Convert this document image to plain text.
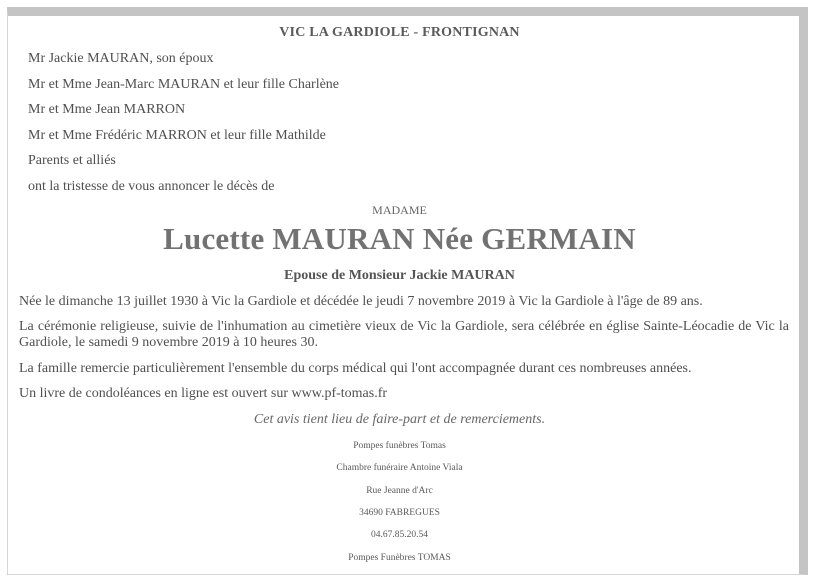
VIC LA GARDIOLE - FRONTIGNAN
Mr Jackie MAURAN, son époux
Mr et Mme Jean-Marc MAURAN et leur fille Charlène
Mr et Mme Jean MARRON
Mr et Mme Frédéric MARRON et leur fille Mathilde
Parents et alliés
ont la tristesse de vous annoncer le décès de
MADAME
Lucette MAURAN Née GERMAIN
Epouse de Monsieur Jackie MAURAN
Née le dimanche 13 juillet 1930 à Vic la Gardiole et décédée le jeudi 7 novembre 2019 à Vic la Gardiole à l'âge de 89 ans.
La cérémonie religieuse, suivie de l'inhumation au cimetière vieux de Vic la Gardiole, sera célébrée en église Sainte-Léocadie de Vic la Gardiole, le samedi 9 novembre 2019 à 10 heures 30.
La famille remercie particulièrement l'ensemble du corps médical qui l'ont accompagnée durant ces nombreuses années.
Un livre de condoléances en ligne est ouvert sur www.pf-tomas.fr
Cet avis tient lieu de faire-part et de remerciements.
Pompes funèbres Tomas
Chambre funéraire Antoine Viala
Rue Jeanne d'Arc
34690 FABREGUES
04.67.85.20.54
Pompes Funèbres TOMAS
